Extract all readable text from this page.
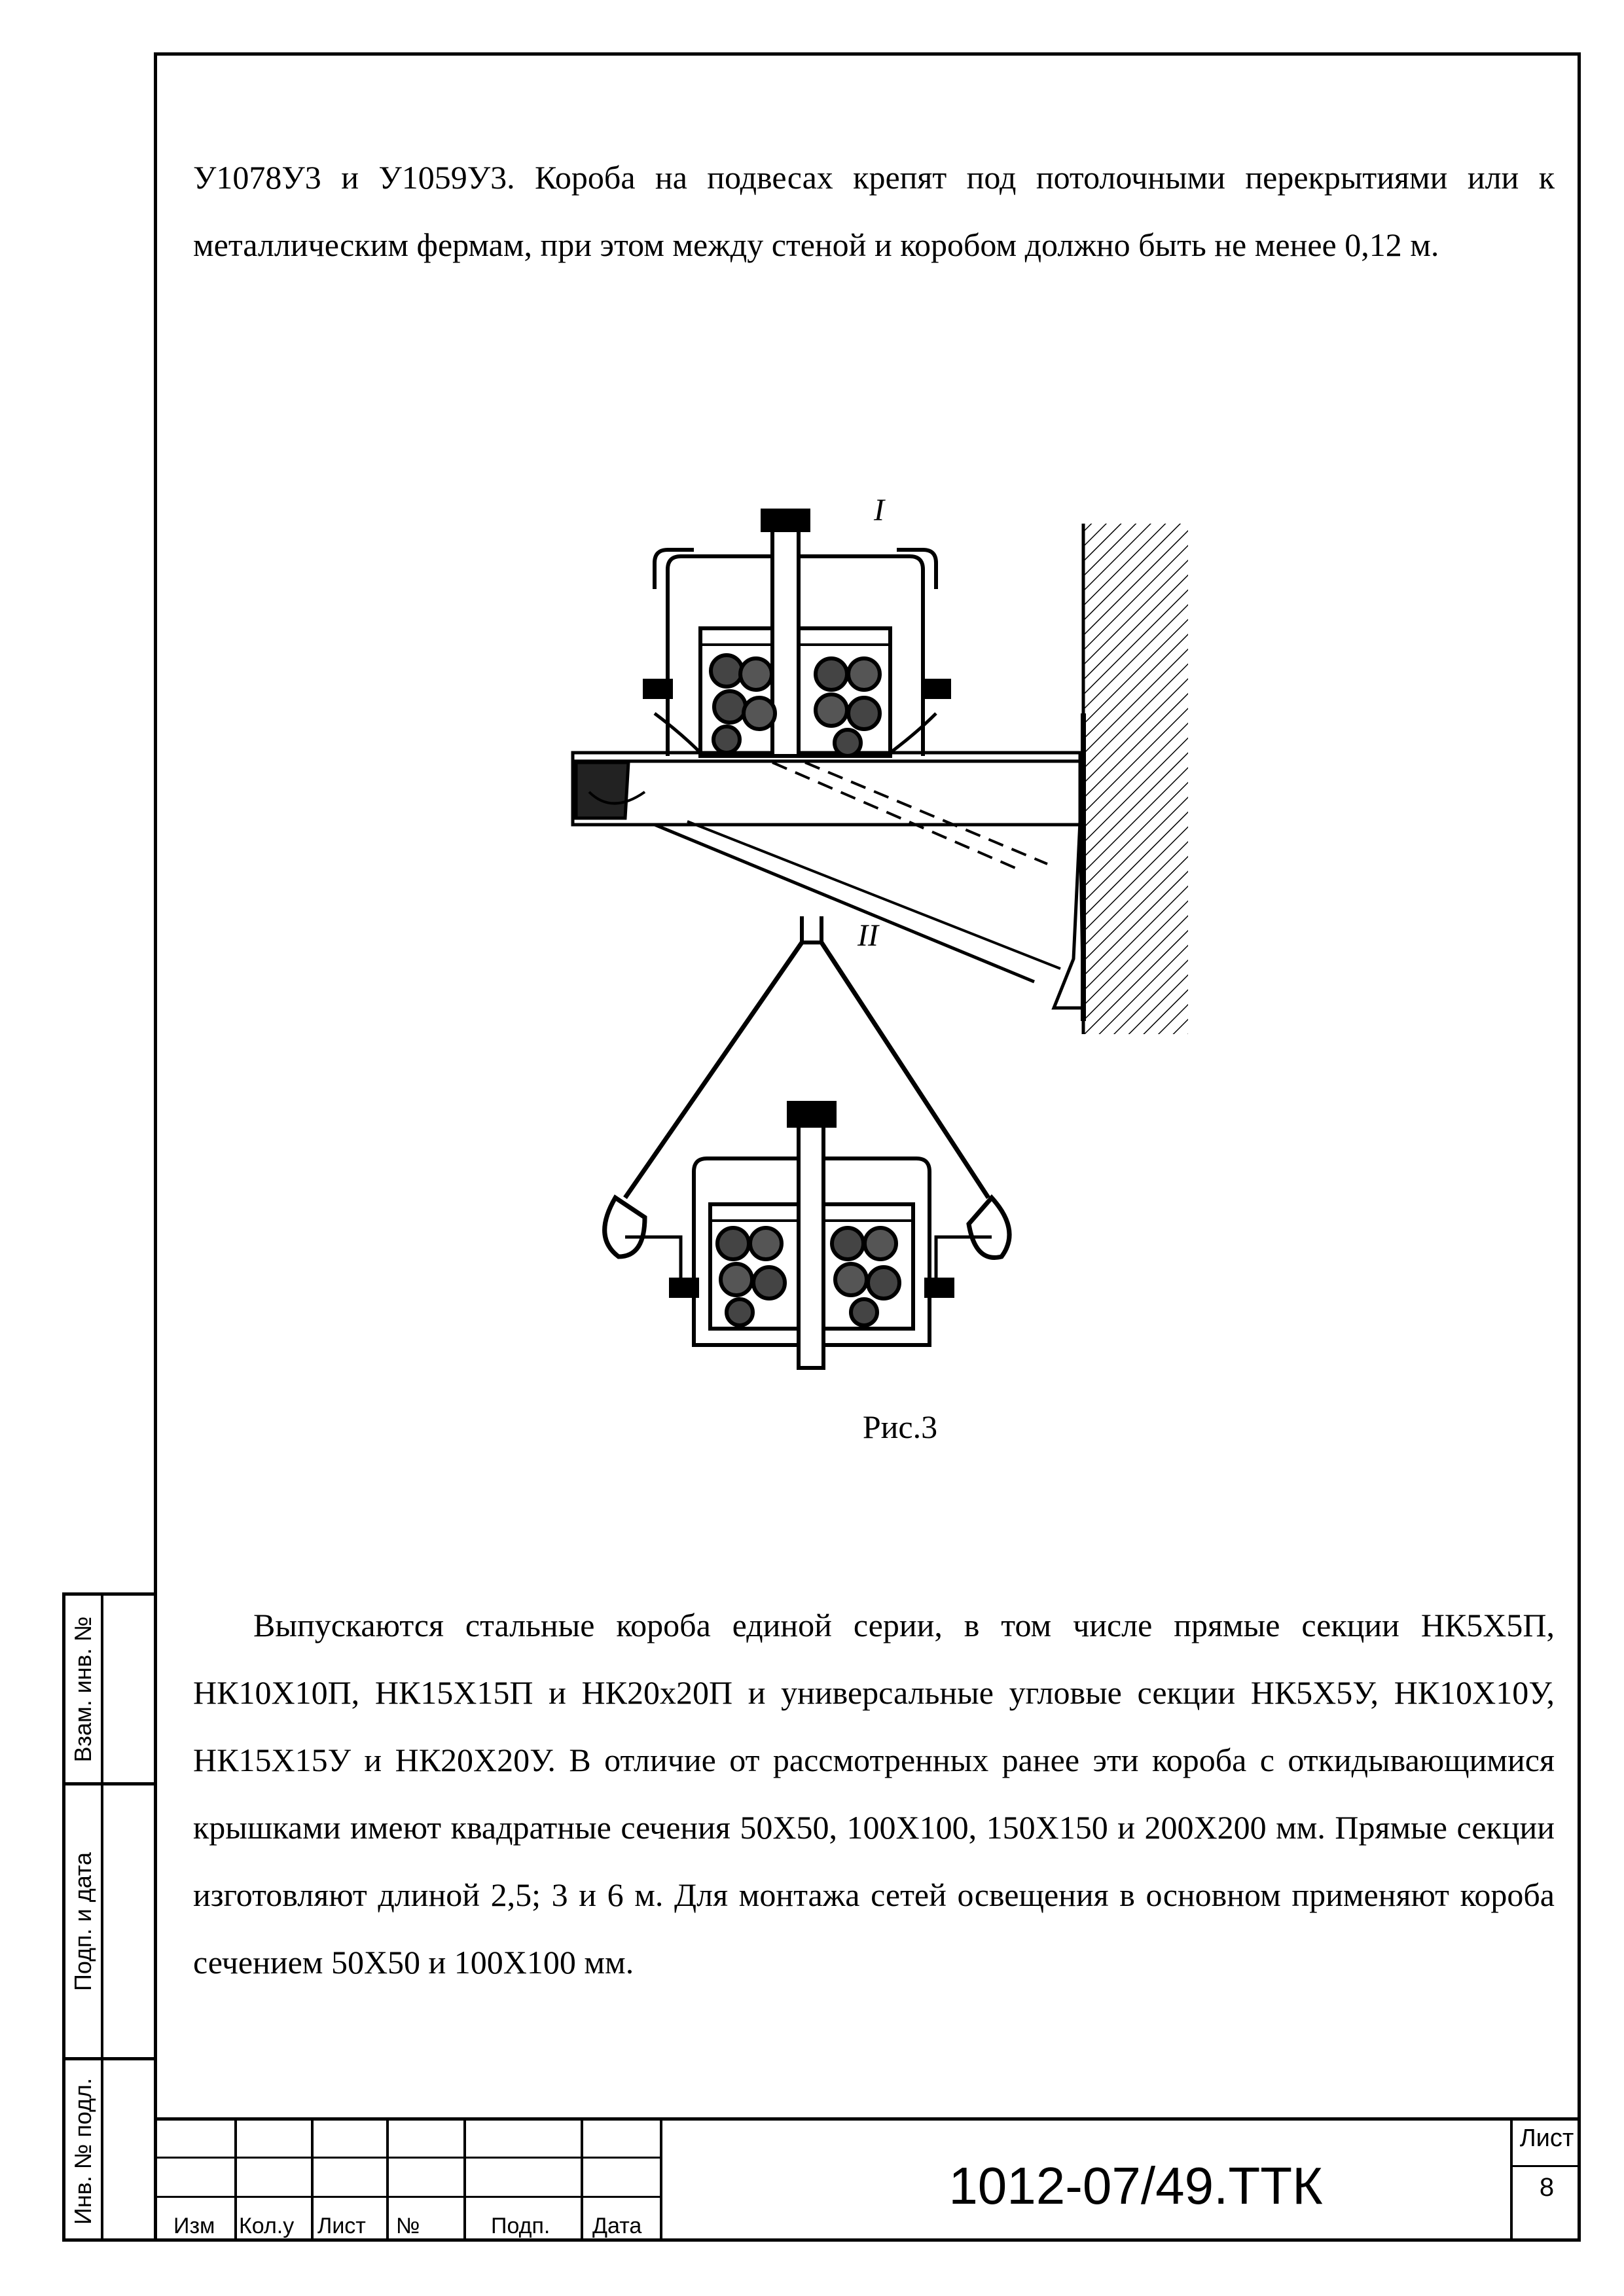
У1078У3 и У1059У3. Короба на подвесах крепят под потолочными перекрытиями или к металлическим фермам, при этом между стеной и коробом должно быть не менее 0,12 м.

I
II
Рис.3

Выпускаются стальные короба единой серии, в том числе прямые секции НК5Х5П, НК10Х10П, НК15Х15П и НК20х20П и универсальные угловые секции НК5Х5У, НК10Х10У, НК15Х15У и НК20Х20У. В отличие от рассмотренных ранее эти короба с откидывающимися крышками имеют квадратные сечения 50Х50, 100Х100, 150Х150 и 200Х200 мм. Прямые секции изготовляют длиной 2,5; 3 и 6 м. Для монтажа сетей освещения в основном применяют короба сечением 50Х50 и 100Х100 мм.

Взам. инв. №
Подп. и дата
Инв. № подл.
Изм Кол.у Лист №	Подп. Дата
1012-07/49.ТТК
Лист
8
